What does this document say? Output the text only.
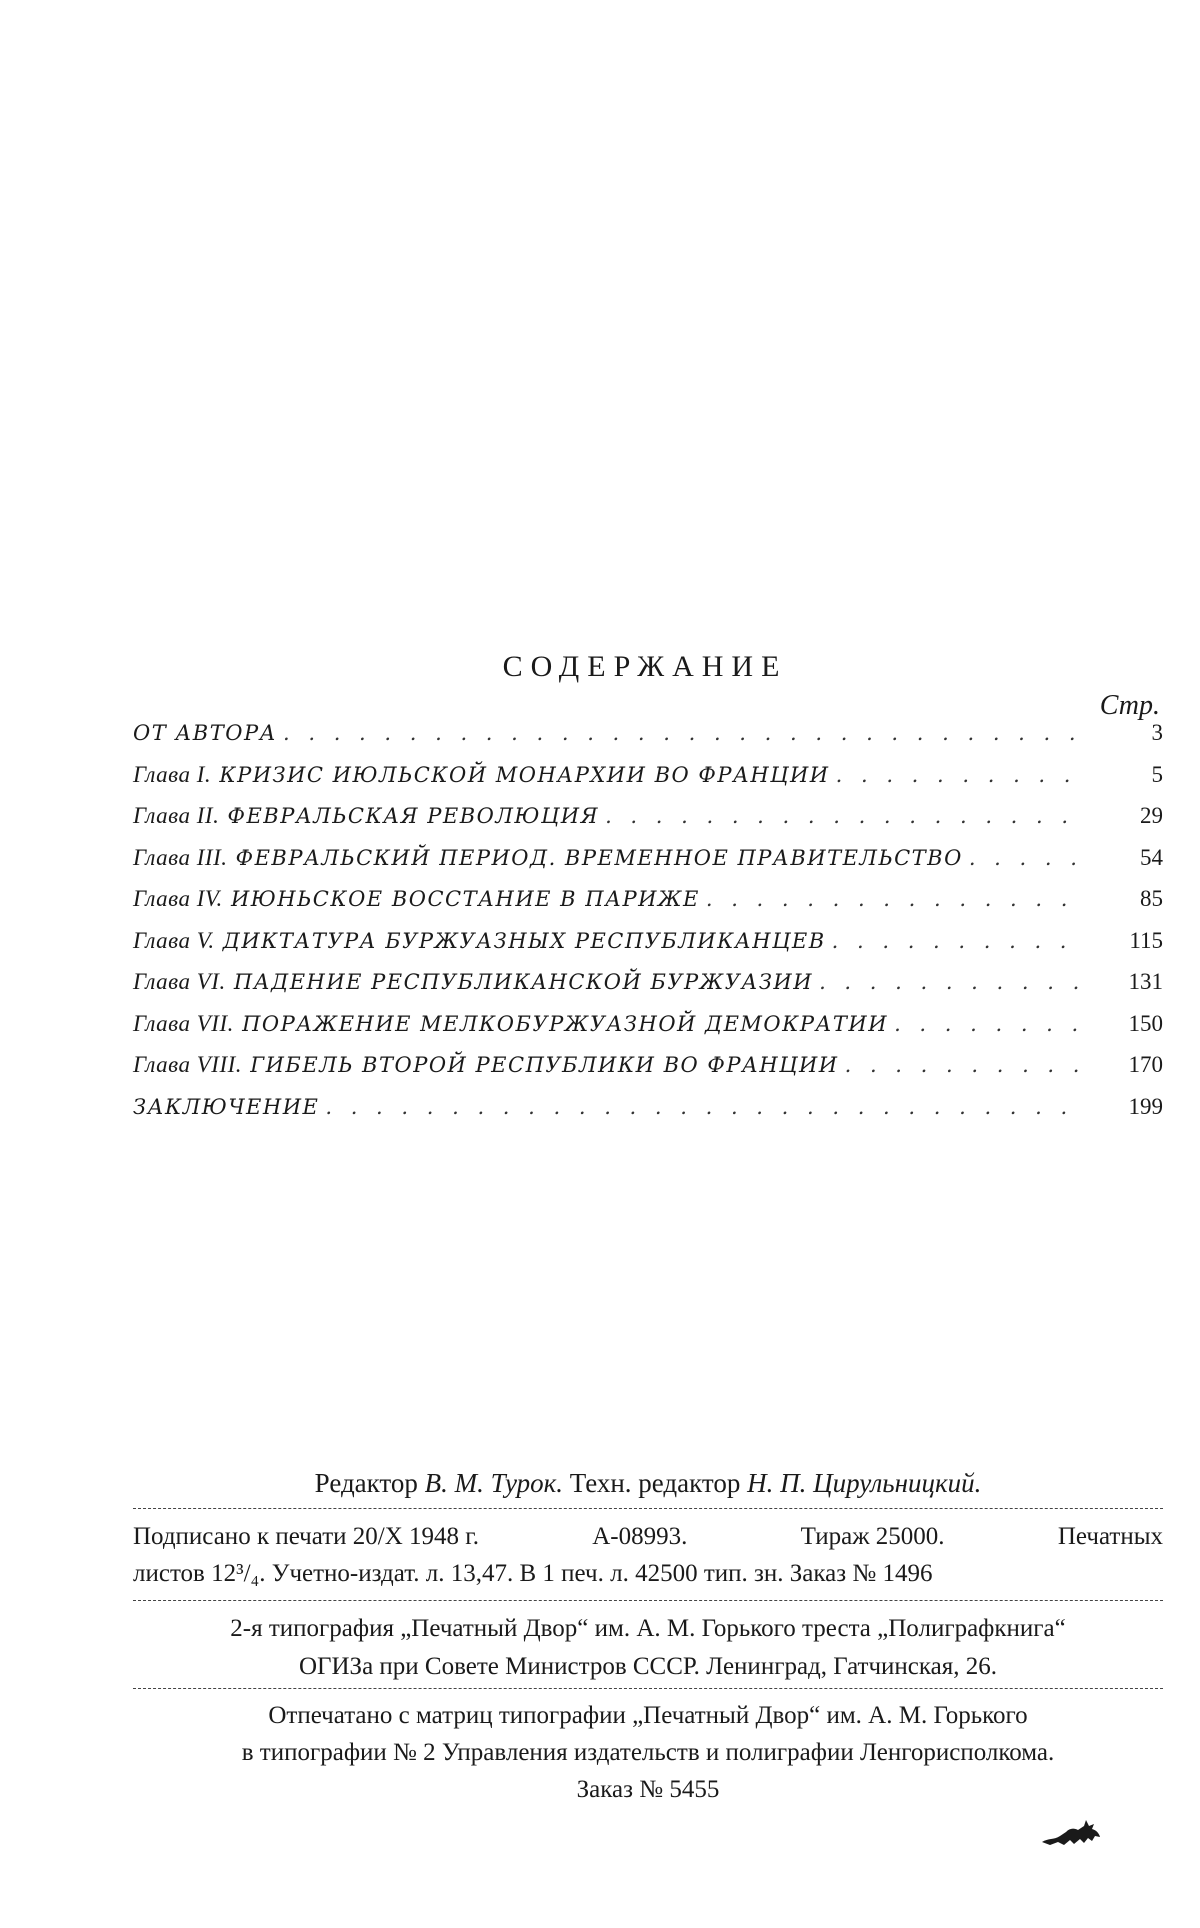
СОДЕРЖАНИЕ
Стр.
ОТ АВТОРА . . .	3
Глава I. КРИЗИС ИЮЛЬСКОЙ МОНАРХИИ ВО ФРАНЦИИ . . .	5
Глава II. ФЕВРАЛЬСКАЯ РЕВОЛЮЦИЯ . . .	29
Глава III. ФЕВРАЛЬСКИЙ ПЕРИОД. ВРЕМЕННОЕ ПРАВИТЕЛЬСТВО . . .	54
Глава IV. ИЮНЬСКОЕ ВОССТАНИЕ В ПАРИЖЕ . . .	85
Глава V. ДИКТАТУРА БУРЖУАЗНЫХ РЕСПУБЛИКАНЦЕВ . . .	115
Глава VI. ПАДЕНИЕ РЕСПУБЛИКАНСКОЙ БУРЖУАЗИИ . . .	131
Глава VII. ПОРАЖЕНИЕ МЕЛКОБУРЖУАЗНОЙ ДЕМОКРАТИИ . . .	150
Глава VIII. ГИБЕЛЬ ВТОРОЙ РЕСПУБЛИКИ ВО ФРАНЦИИ . . .	170
ЗАКЛЮЧЕНИЕ . . .	199
Редактор В. М. Турок. Техн. редактор Н. П. Цирульницкий.
Подписано к печати 20/X 1948 г.	А-08993.	Тираж 25000.	Печатных
листов 12³/₄. Учетно-издат. л. 13,47. В 1 печ. л. 42500 тип. зн. Заказ № 1496
2-я типография „Печатный Двор“ им. А. М. Горького треста „Полиграфкнига“
ОГИЗа при Совете Министров СССР. Ленинград, Гатчинская, 26.
Отпечатано с матриц типографии „Печатный Двор“ им. А. М. Горького
в типографии № 2 Управления издательств и полиграфии Ленгорисполкома.
Заказ № 5455
